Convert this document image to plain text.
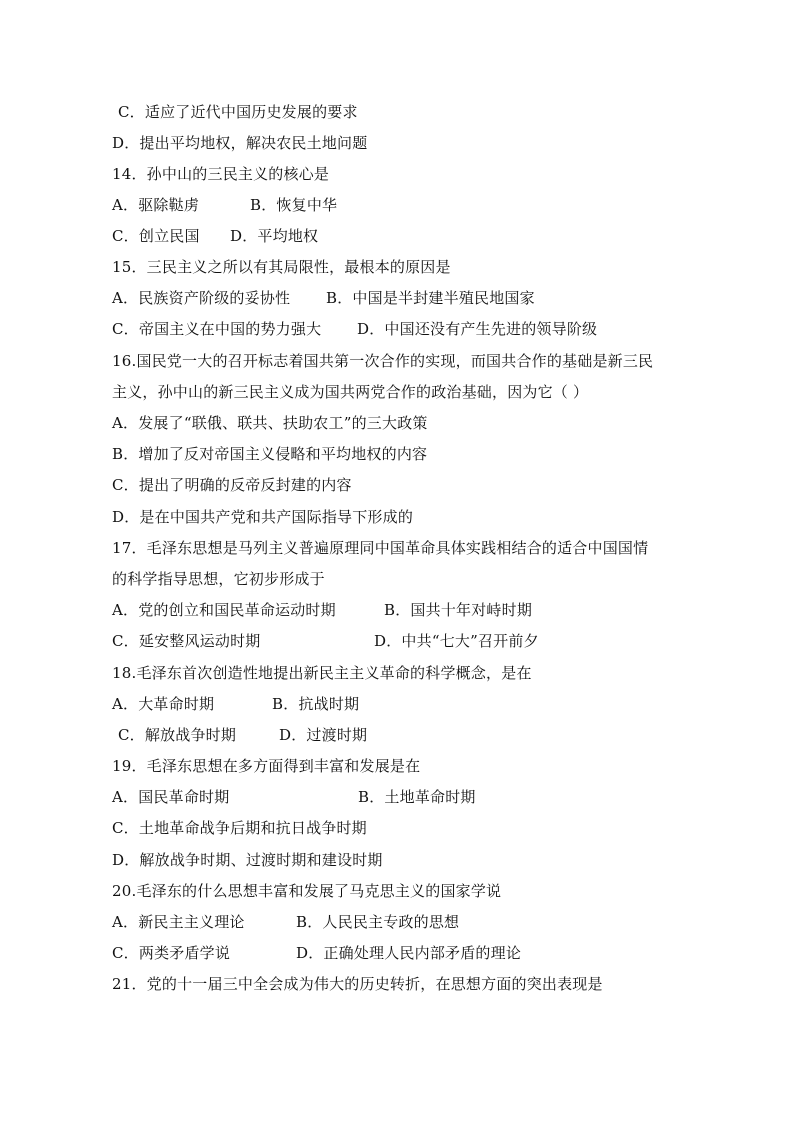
C．适应了近代中国历史发展的要求
D．提出平均地权，解决农民土地问题
14．孙中山的三民主义的核心是
A．驱除鞑虏	B．恢复中华
C．创立民国 D．平均地权
15．三民主义之所以有其局限性，最根本的原因是
A．民族资产阶级的妥协性 B．中国是半封建半殖民地国家
C．帝国主义在中国的势力强大 D．中国还没有产生先进的领导阶级
16.国民党一大的召开标志着国共第一次合作的实现，而国共合作的基础是新三民
主义，孙中山的新三民主义成为国共两党合作的政治基础，因为它（ ）
A．发展了“联俄、联共、扶助农工”的三大政策
B．增加了反对帝国主义侵略和平均地权的内容
C．提出了明确的反帝反封建的内容
D．是在中国共产党和共产国际指导下形成的
17．毛泽东思想是马列主义普遍原理同中国革命具体实践相结合的适合中国国情
的科学指导思想，它初步形成于
A．党的创立和国民革命运动时期	B．国共十年对峙时期
C．延安整风运动时期	D．中共“七大”召开前夕
18.毛泽东首次创造性地提出新民主主义革命的科学概念，是在
A．大革命时期	B．抗战时期
C．解放战争时期	D．过渡时期
19．毛泽东思想在多方面得到丰富和发展是在
A．国民革命时期	B．土地革命时期
C．土地革命战争后期和抗日战争时期
D．解放战争时期、过渡时期和建设时期
20.毛泽东的什么思想丰富和发展了马克思主义的国家学说
A．新民主主义理论	B．人民民主专政的思想
C．两类矛盾学说	D．正确处理人民内部矛盾的理论
21．党的十一届三中全会成为伟大的历史转折，在思想方面的突出表现是
